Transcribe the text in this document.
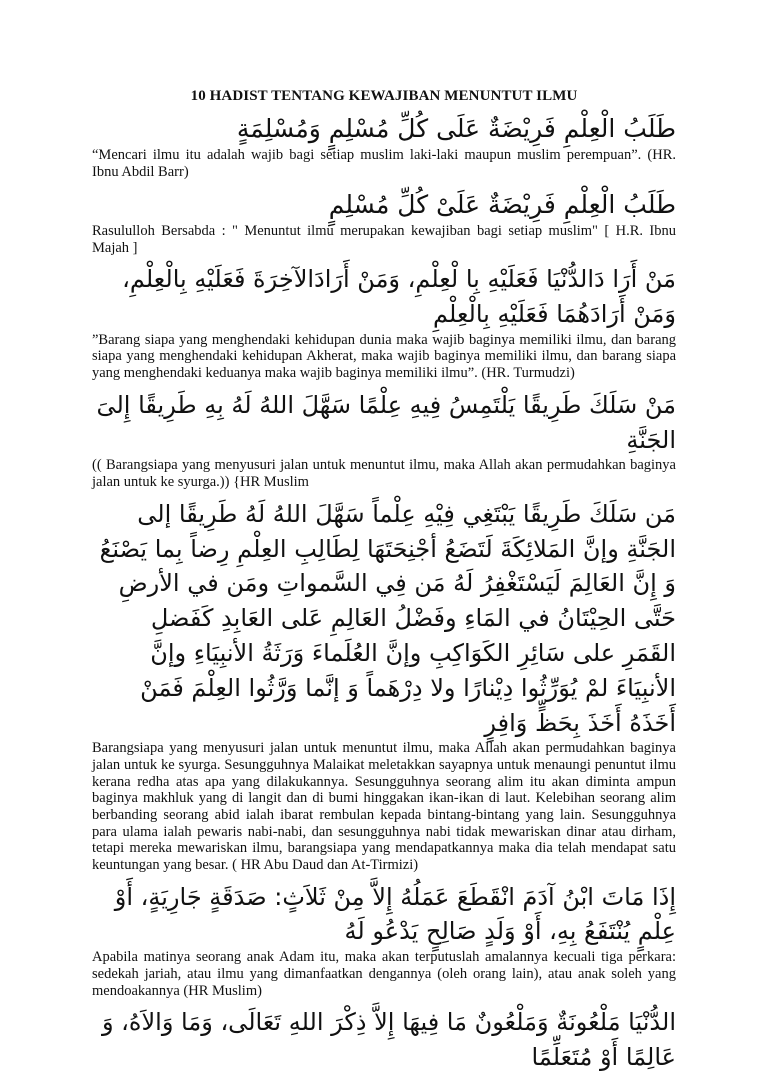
10 HADIST TENTANG KEWAJIBAN MENUNTUT ILMU

طَلَبُ الْعِلْمِ فَرِيْضَةٌ عَلَى كُلِّ مُسْلِمٍ وَمُسْلِمَةٍ

“Mencari ilmu itu adalah wajib bagi setiap muslim laki-laki maupun muslim perempuan”. (HR. Ibnu Abdil Barr)

طَلَبُ الْعِلْمِ فَرِيْضَةٌ عَلَىْ كُلِّ مُسْلِمٍ

Rasululloh Bersabda : " Menuntut ilmu merupakan kewajiban bagi setiap muslim" [ H.R. Ibnu Majah ]

مَنْ أَرَا دَالدُّنْيَا فَعَلَيْهِ بِا لْعِلْمِ، وَمَنْ أَرَادَالآخِرَةَ فَعَلَيْهِ بِالْعِلْمِ، وَمَنْ أَرَادَهُمَا فَعَلَيْهِ بِالْعِلْمِ

”Barang siapa yang menghendaki kehidupan dunia maka wajib baginya memiliki ilmu, dan barang siapa yang menghendaki kehidupan Akherat, maka wajib baginya memiliki ilmu, dan barang siapa yang menghendaki keduanya maka wajib baginya memiliki ilmu”. (HR. Turmudzi)

مَنْ سَلَكَ طَرِيقًا يَلْتَمِسُ فِيهِ عِلْمًا سَهَّلَ اللهُ لَهُ بِهِ طَرِيقًا إِلىَ الجَنَّةِ

(( Barangsiapa yang menyusuri jalan untuk menuntut ilmu, maka Allah akan permudahkan baginya jalan untuk ke syurga.)) {HR Muslim

مَن سَلَكَ طَرِيقًا يَبْتَغِي فِيْهِ عِلْماً سَهَّلَ اللهُ لَهُ طَرِيقًا إلى الجَنَّةِ وإنَّ المَلائِكَةَ لَتَضَعُ أجْنِحَتَهَا لِطَالِبِ العِلْمِ رِضاً بِما يَصْنَعُ وَ إِنَّ العَالِمَ لَيَسْتَغْفِرُ لَهُ مَن فِي السَّمواتِ ومَن في الأرضِ حَتَّى الحِيْتَانُ في المَاءِ وفَضْلُ العَالِمِ عَلى العَابِدِ كَفَضلِ القَمَرِ على سَائِرِ الكَوَاكِبِ وإنَّ العُلَماءَ وَرَثَةُ الأنبِيَاءِ وإنَّ الأنبِيَاءَ لمْ يُوَرِّثُوا دِيْنارًا ولا دِرْهَماً وَ إنَّما وَرَّثُوا العِلْمَ فَمَنْ أَخَذَهُ أَخَذَ بِحَظٍّ وَافِرٍ

Barangsiapa yang menyusuri jalan untuk menuntut ilmu, maka Allah akan permudahkan baginya jalan untuk ke syurga. Sesungguhnya Malaikat meletakkan sayapnya untuk menaungi penuntut ilmu kerana redha atas apa yang dilakukannya. Sesungguhnya seorang alim itu akan diminta ampun baginya makhluk yang di langit dan di bumi hinggakan ikan-ikan di laut. Kelebihan seorang alim berbanding seorang abid ialah ibarat rembulan kepada bintang-bintang yang lain. Sesungguhnya para ulama ialah pewaris nabi-nabi, dan sesungguhnya nabi tidak mewariskan dinar atau dirham, tetapi mereka mewariskan ilmu, barangsiapa yang mendapatkannya maka dia telah mendapat satu keuntungan yang besar. ( HR Abu Daud dan At-Tirmizi)

إِذَا مَاتَ ابْنُ آدَمَ انْقَطَعَ عَمَلُهُ إِلاَّ مِنْ ثَلاَثٍ: صَدَقَةٍ جَارِيَةٍ، أَوْ عِلْمٍ يُنْتَفَعُ بِهِ، أَوْ وَلَدٍ صَالِحٍ يَدْعُو لَهُ

Apabila matinya seorang anak Adam itu, maka akan terputuslah amalannya kecuali tiga perkara: sedekah jariah, atau ilmu yang dimanfaatkan dengannya (oleh orang lain), atau anak soleh yang mendoakannya (HR Muslim)

الدُّنْيَا مَلْعُونَةٌ وَمَلْعُونٌ مَا فِيهَا إِلاَّ ذِكْرَ اللهِ تَعَالَى، وَمَا وَالاَهُ، وَ عَالِمًا أَوْ مُتَعَلِّمًا
